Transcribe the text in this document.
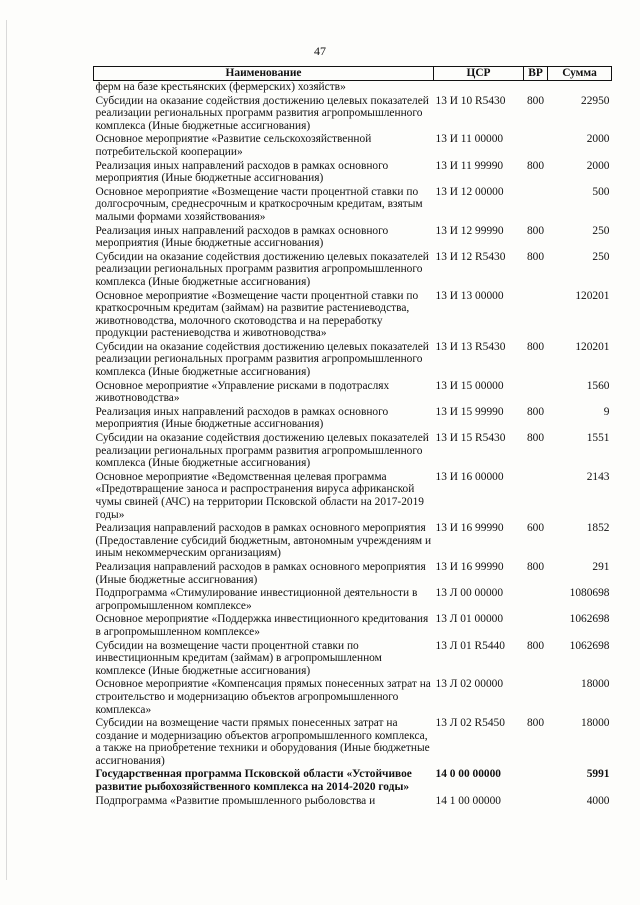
47
Наименование	ЦСР	ВР	Сумма
ферм на базе крестьянских (фермерских) хозяйств»			
Субсидии на оказание содействия достижению целевых показателей реализации региональных программ развития агропромышленного комплекса (Иные бюджетные ассигнования)	13 И 10 R5430	800	22950
Основное мероприятие «Развитие сельскохозяйственной потребительской кооперации»	13 И 11 00000		2000
Реализация иных направлений расходов в рамках основного мероприятия (Иные бюджетные ассигнования)	13 И 11 99990	800	2000
Основное мероприятие «Возмещение части процентной ставки по долгосрочным, среднесрочным и краткосрочным кредитам, взятым малыми формами хозяйствования»	13 И 12 00000		500
Реализация иных направлений расходов в рамках основного мероприятия (Иные бюджетные ассигнования)	13 И 12 99990	800	250
Субсидии на оказание содействия достижению целевых показателей реализации региональных программ развития агропромышленного комплекса (Иные бюджетные ассигнования)	13 И 12 R5430	800	250
Основное мероприятие «Возмещение части процентной ставки по краткосрочным кредитам (займам) на развитие растениеводства, животноводства, молочного скотоводства и на переработку продукции растениеводства и животноводства»	13 И 13 00000		120201
Субсидии на оказание содействия достижению целевых показателей реализации региональных программ развития агропромышленного комплекса (Иные бюджетные ассигнования)	13 И 13 R5430	800	120201
Основное мероприятие «Управление рисками в подотраслях животноводства»	13 И 15 00000		1560
Реализация иных направлений расходов в рамках основного мероприятия (Иные бюджетные ассигнования)	13 И 15 99990	800	9
Субсидии на оказание содействия достижению целевых показателей реализации региональных программ развития агропромышленного комплекса (Иные бюджетные ассигнования)	13 И 15 R5430	800	1551
Основное мероприятие «Ведомственная целевая программа «Предотвращение заноса и распространения вируса африканской чумы свиней (АЧС) на территории Псковской области на 2017-2019 годы»	13 И 16 00000		2143
Реализация направлений расходов в рамках основного мероприятия (Предоставление субсидий бюджетным, автономным учреждениям и иным некоммерческим организациям)	13 И 16 99990	600	1852
Реализация направлений расходов в рамках основного мероприятия (Иные бюджетные ассигнования)	13 И 16 99990	800	291
Подпрограмма «Стимулирование инвестиционной деятельности в агропромышленном комплексе»	13 Л 00 00000		1080698
Основное мероприятие «Поддержка инвестиционного кредитования в агропромышленном комплексе»	13 Л 01 00000		1062698
Субсидии на возмещение части процентной ставки по инвестиционным кредитам (займам) в агропромышленном комплексе (Иные бюджетные ассигнования)	13 Л 01 R5440	800	1062698
Основное мероприятие «Компенсация прямых понесенных затрат на строительство и модернизацию объектов агропромышленного комплекса»	13 Л 02 00000		18000
Субсидии на возмещение части прямых понесенных затрат на создание и модернизацию объектов агропромышленного комплекса, а также на приобретение техники и оборудования (Иные бюджетные ассигнования)	13 Л 02 R5450	800	18000
Государственная программа Псковской области «Устойчивое развитие рыбохозяйственного комплекса на 2014-2020 годы»	14 0 00 00000		5991
Подпрограмма «Развитие промышленного рыболовства и	14 1 00 00000		4000
